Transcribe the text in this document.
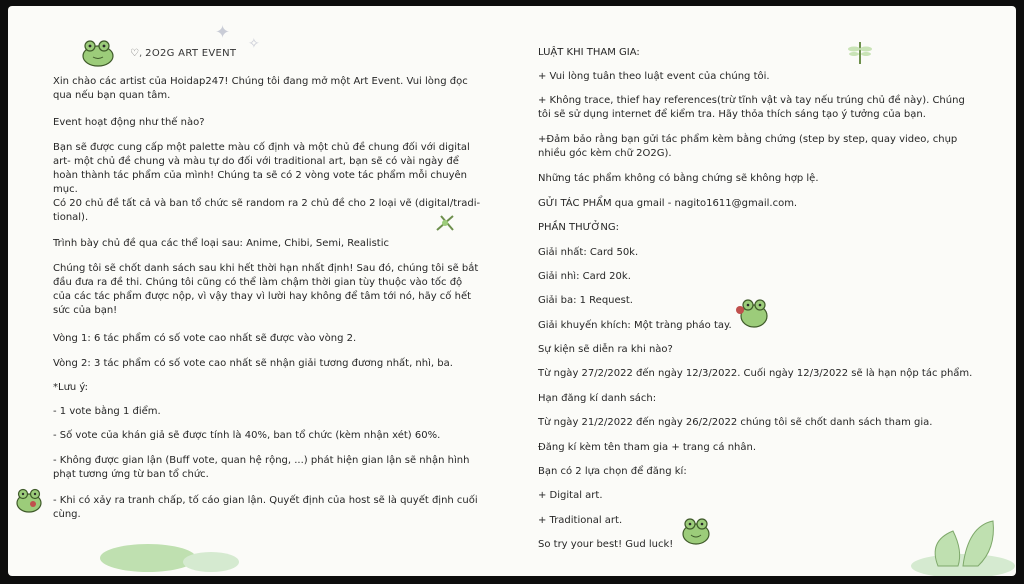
♡, 2O2G ART EVENT
✦
✧

Xin chào các artist của Hoidap247! Chúng tôi đang mở một Art Event. Vui lòng đọc qua nếu bạn quan tâm.

Event hoạt động như thế nào?

Bạn sẽ được cung cấp một palette màu cố định và một chủ đề chung đối với digital art- một chủ đề chung và màu tự do đối với traditional art, bạn sẽ có vài ngày để hoàn thành tác phẩm của mình! Chúng ta sẽ có 2 vòng vote tác phẩm mỗi chuyên mục.

Có 20 chủ đề tất cả và ban tổ chức sẽ random ra 2 chủ đề cho 2 loại vẽ (digital/tradi- tional).

Trình bày chủ đề qua các thể loại sau: Anime, Chibi, Semi, Realistic

Chúng tôi sẽ chốt danh sách sau khi hết thời hạn nhất định! Sau đó, chúng tôi sẽ bắt đầu đưa ra đề thi. Chúng tôi cũng có thể làm chậm thời gian tùy thuộc vào tốc độ của các tác phẩm được nộp, vì vậy thay vì lười hay không để tâm tới nó, hãy cố hết sức của bạn!

Vòng 1: 6 tác phẩm có số vote cao nhất sẽ được vào vòng 2.

Vòng 2: 3 tác phẩm có số vote cao nhất sẽ nhận giải tương đương nhất, nhì, ba.

*Lưu ý:

- 1 vote bằng 1 điểm.

- Số vote của khán giả sẽ được tính là 40%, ban tổ chức (kèm nhận xét) 60%.

- Không được gian lận (Buff vote, quan hệ rộng, ...) phát hiện gian lận sẽ nhận hình phạt tương ứng từ ban tổ chức.

- Khi có xảy ra tranh chấp, tố cáo gian lận. Quyết định của host sẽ là quyết định cuối cùng.

LUẬT KHI THAM GIA:

+ Vui lòng tuân theo luật event của chúng tôi.

+ Không trace, thief hay references(trừ tĩnh vật và tay nếu trúng chủ đề này). Chúng tôi sẽ sử dụng internet để kiểm tra. Hãy thỏa thích sáng tạo ý tưởng của bạn.

+Đảm bảo rằng bạn gửi tác phẩm kèm bằng chứng (step by step, quay video, chụp nhiều góc kèm chữ 2O2G).

Những tác phẩm không có bằng chứng sẽ không hợp lệ.

GỬI TÁC PHẨM qua gmail - nagito1611@gmail.com.

PHẦN THƯỞNG:

Giải nhất: Card 50k.

Giải nhì: Card 20k.

Giải ba: 1 Request.

Giải khuyến khích: Một tràng pháo tay.

Sự kiện sẽ diễn ra khi nào?

Từ ngày 27/2/2022 đến ngày 12/3/2022. Cuối ngày 12/3/2022 sẽ là hạn nộp tác phẩm.

Hạn đăng kí danh sách:

Từ ngày 21/2/2022 đến ngày 26/2/2022 chúng tôi sẽ chốt danh sách tham gia.

Đăng kí kèm tên tham gia + trang cá nhân.

Bạn có 2 lựa chọn để đăng kí:

+ Digital art.

+ Traditional art.

So try your best! Gud luck!
